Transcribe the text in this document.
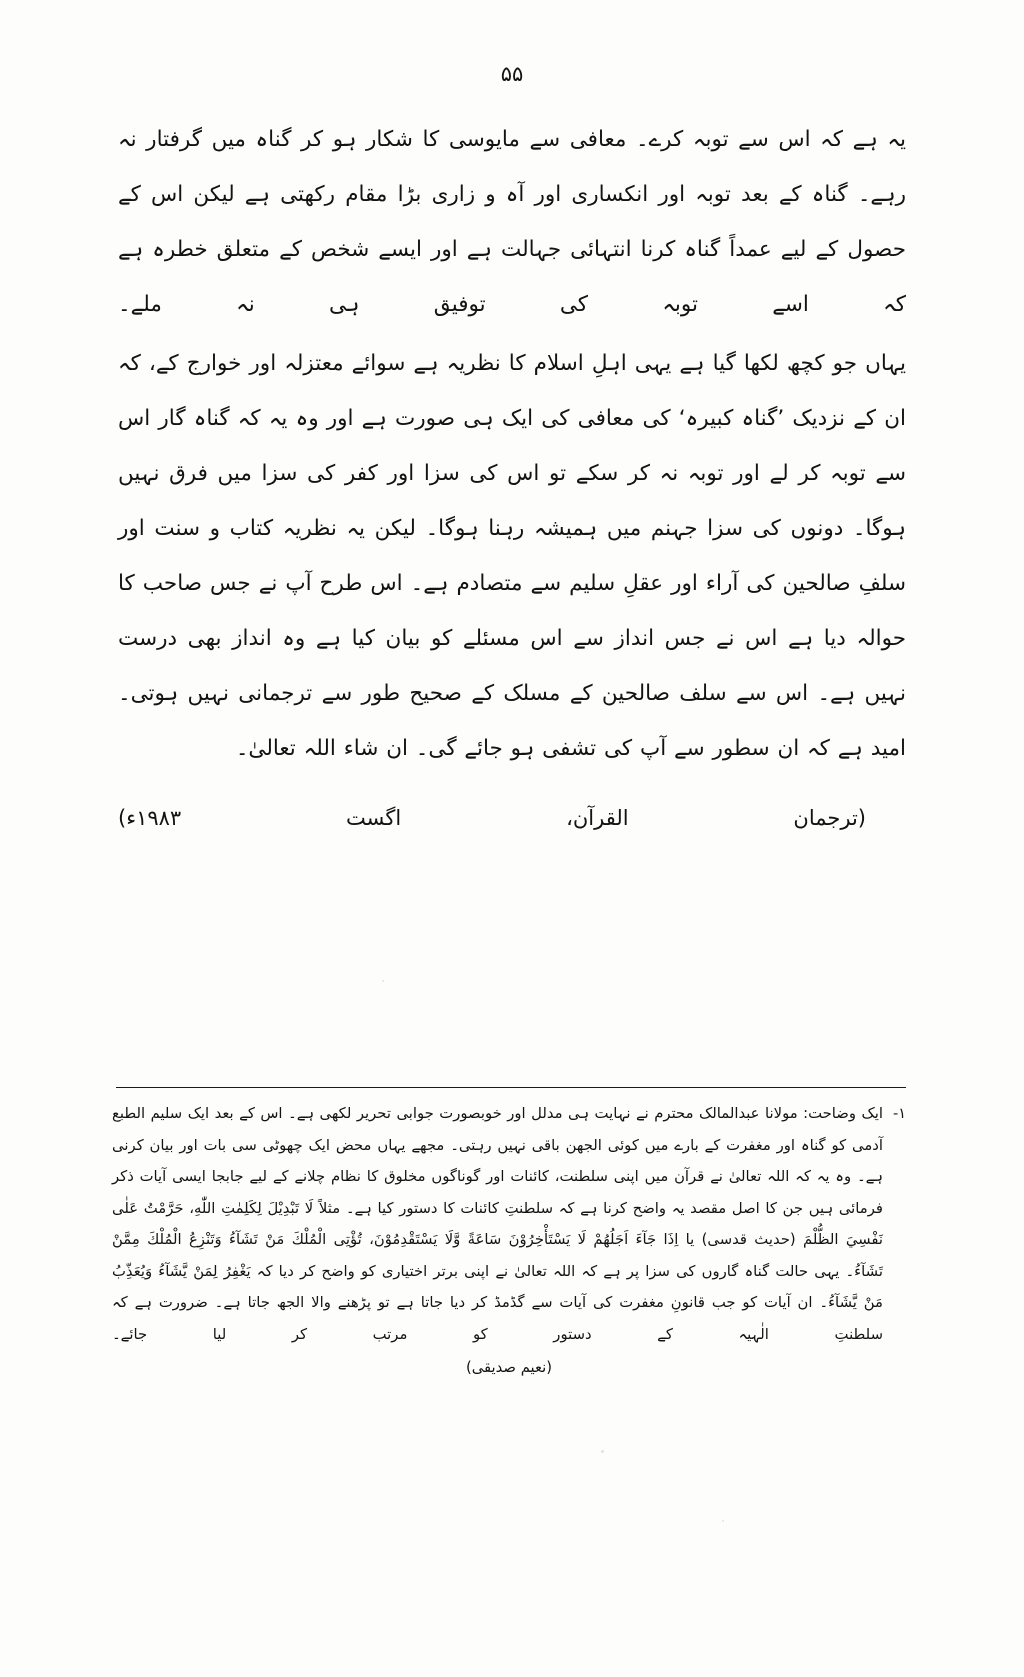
۵۵

یہ ہے کہ اس سے توبہ کرے۔ معافی سے مایوسی کا شکار ہو کر گناہ میں گرفتار نہ رہے۔ گناہ کے بعد توبہ اور انکساری اور آہ و زاری بڑا مقام رکھتی ہے لیکن اس کے حصول کے لیے عمداً گناہ کرنا انتہائی جہالت ہے اور ایسے شخص کے متعلق خطرہ ہے کہ اسے توبہ کی توفیق ہی نہ ملے۔

یہاں جو کچھ لکھا گیا ہے یہی اہلِ اسلام کا نظریہ ہے سوائے معتزلہ اور خوارج کے، کہ ان کے نزدیک ’گناہ کبیرہ‘ کی معافی کی ایک ہی صورت ہے اور وہ یہ کہ گناہ گار اس سے توبہ کر لے اور توبہ نہ کر سکے تو اس کی سزا اور کفر کی سزا میں فرق نہیں ہوگا۔ دونوں کی سزا جہنم میں ہمیشہ رہنا ہوگا۔ لیکن یہ نظریہ کتاب و سنت اور سلفِ صالحین کی آراء اور عقلِ سلیم سے متصادم ہے۔ اس طرح آپ نے جس صاحب کا حوالہ دیا ہے اس نے جس انداز سے اس مسئلے کو بیان کیا ہے وہ انداز بھی درست نہیں ہے۔ اس سے سلف صالحین کے مسلک کے صحیح طور سے ترجمانی نہیں ہوتی۔ امید ہے کہ ان سطور سے آپ کی تشفی ہو جائے گی۔ ان شاء اللہ تعالیٰ۔

(ترجمان القرآن، اگست ۱۹۸۳ء)
۱-
ایک وضاحت: مولانا عبدالمالک محترم نے نہایت ہی مدلل اور خوبصورت جوابی تحریر لکھی ہے۔ اس کے بعد ایک سلیم الطبع آدمی کو گناہ اور مغفرت کے بارے میں کوئی الجھن باقی نہیں رہتی۔ مجھے یہاں محض ایک چھوٹی سی بات اور بیان کرنی ہے۔ وہ یہ کہ اللہ تعالیٰ نے قرآن میں اپنی سلطنت، کائنات اور گوناگوں مخلوق کا نظام چلانے کے لیے جابجا ایسی آیات ذکر فرمائی ہیں جن کا اصل مقصد یہ واضح کرنا ہے کہ سلطنتِ کائنات کا دستور کیا ہے۔ مثلاً لَا تَبْدِيْلَ لِكَلِمٰتِ اللّٰهِ، حَرَّمْتُ عَلٰى نَفْسِيَ الظُّلْمَ (حدیث قدسی) یا اِذَا جَآءَ اَجَلُهُمْ لَا يَسْتَأْخِرُوْنَ سَاعَةً وَّلَا يَسْتَقْدِمُوْنَ، تُؤْتِى الْمُلْكَ مَنْ تَشَآءُ وَتَنْزِعُ الْمُلْكَ مِمَّنْ تَشَآءُ۔ یہی حالت گناہ گاروں کی سزا پر ہے کہ اللہ تعالیٰ نے اپنی برتر اختیاری کو واضح کر دیا کہ يَغْفِرُ لِمَنْ يَّشَآءُ وَيُعَذِّبُ مَنْ يَّشَآءُ۔ ان آیات کو جب قانونِ مغفرت کی آیات سے گڈمڈ کر دیا جاتا ہے تو پڑھنے والا الجھ جاتا ہے۔ ضرورت ہے کہ سلطنتِ الٰہیہ کے دستور کو مرتب کر لیا جائے۔
(نعیم صدیقی)
